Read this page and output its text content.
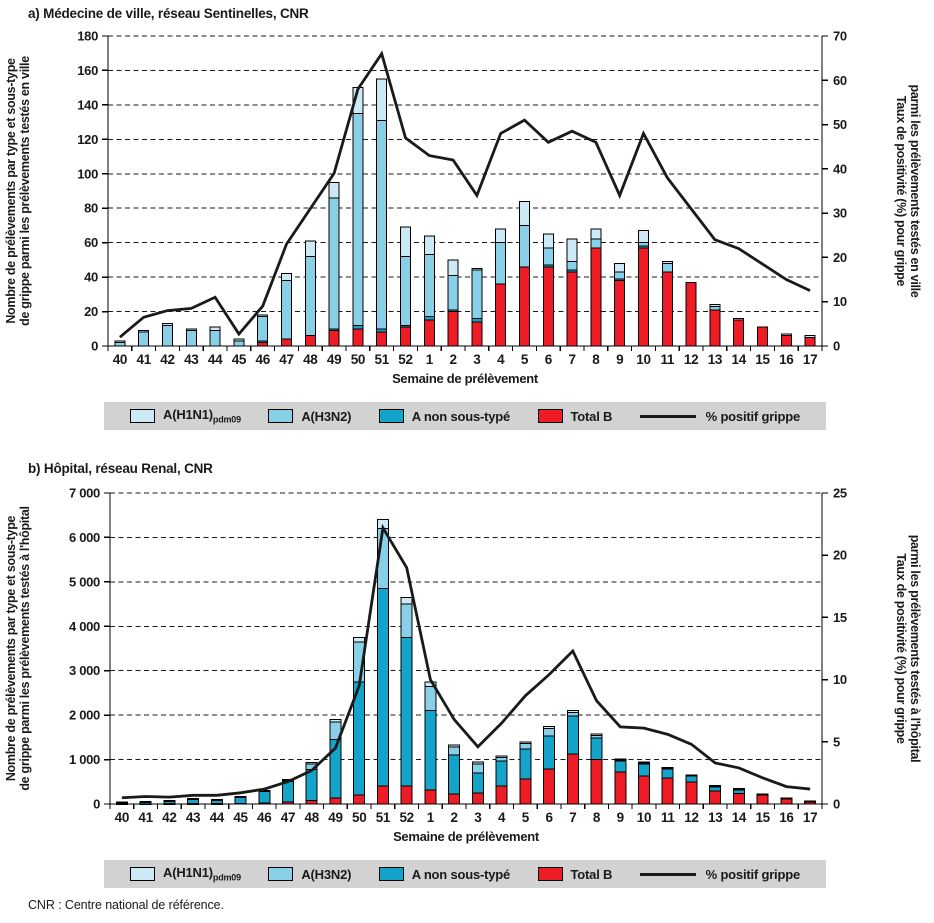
a) Médecine de ville, réseau Sentinelles, CNR
0
20
40
60
80
100
120
140
160
180
0
10
20
30
40
50
60
70
40 41 42 43 44 45 46 47 48 49 50 51 52 1 2 3 4 5 6 7 8 9 10 11 12 13 14 15 16 17
Semaine de prélèvement
Nombre de prélèvements par type et sous-type de grippe parmi les prélèvements testés en ville	Taux de positivité (%) pour grippe parmi les prélèvements testés en ville
$A(H1N1)_{pdm09}$	A(H3N2)	A non sous-typé	Total B	% positif grippe
b) Hôpital, réseau Renal, CNR
0
1 000
2 000
3 000
4 000
5 000
6 000
7 000
0
5
10
15
20
25
40 41 42 43 44 45 46 47 48 49 50 51 52 1 2 3 4 5 6 7 8 9 10 11 12 13 14 15 16 17
Semaine de prélèvement
Nombre de prélèvements par type et sous-type de grippe parmi les prélèvements testés à l'hôpital	Taux de positivité (%) pour grippe parmi les prélèvements testés à l'hôpital
$A(H1N1)_{pdm09}$	A(H3N2)	A non sous-typé	Total B	% positif grippe
CNR : Centre national de référence.
